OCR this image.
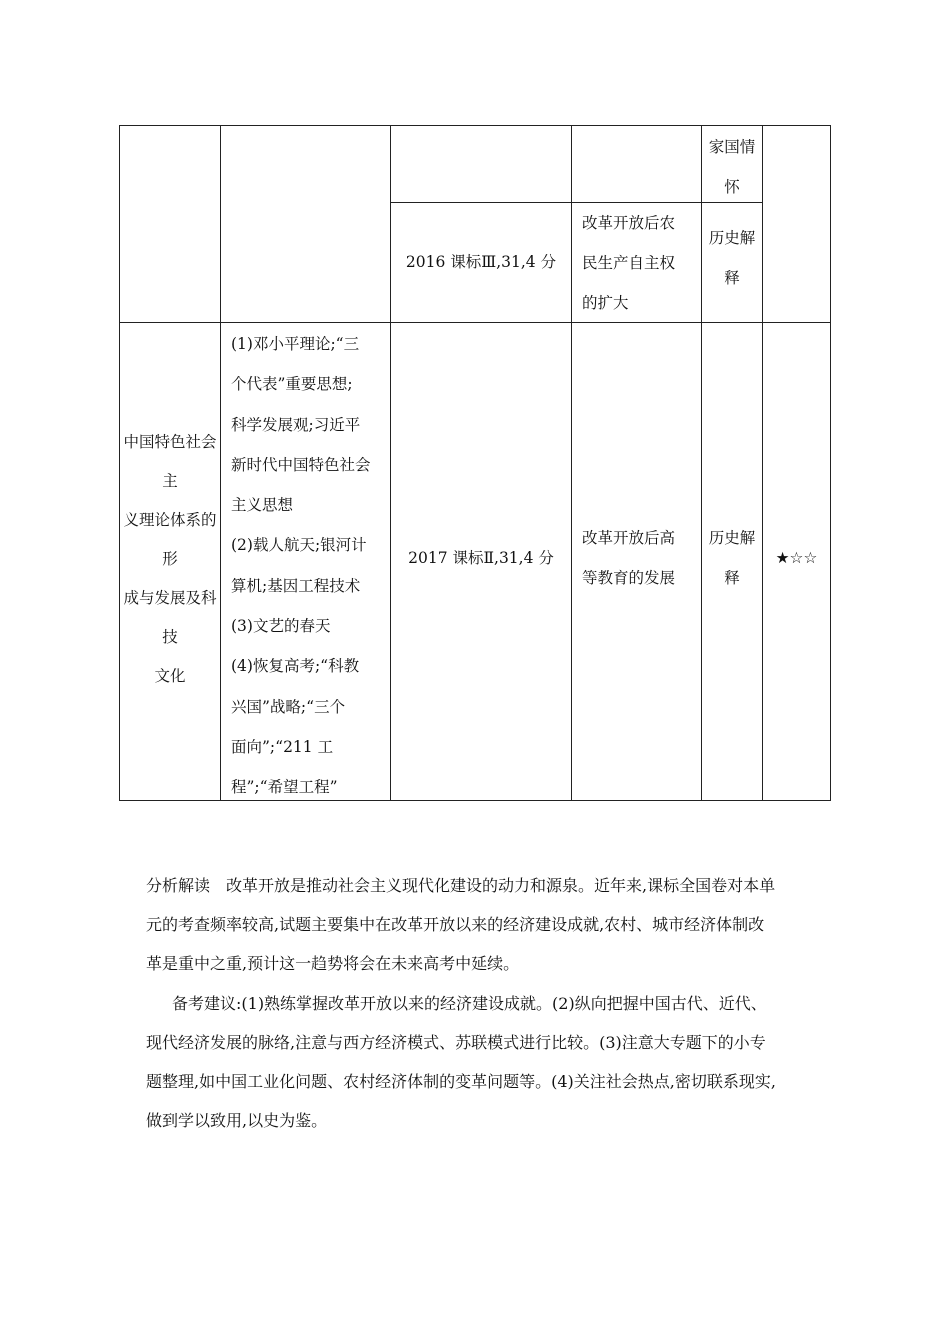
家国情
怀
2016 课标Ⅲ,31,4 分
改革开放后农
民生产自主权
的扩大
历史解
释
中国特色社会
主
义理论体系的
形
成与发展及科
技
文化
(1)邓小平理论;“三
个代表”重要思想;
科学发展观;习近平
新时代中国特色社会
主义思想
(2)载人航天;银河计
算机;基因工程技术
(3)文艺的春天
(4)恢复高考;“科教
兴国”战略;“三个
面向”;“211 工
程”;“希望工程”
2017 课标Ⅱ,31,4 分
改革开放后高
等教育的发展
历史解
释
★☆☆
分析解读 改革开放是推动社会主义现代化建设的动力和源泉。近年来,课标全国卷对本单
元的考查频率较高,试题主要集中在改革开放以来的经济建设成就,农村、城市经济体制改
革是重中之重,预计这一趋势将会在未来高考中延续。
备考建议:(1)熟练掌握改革开放以来的经济建设成就。(2)纵向把握中国古代、近代、
现代经济发展的脉络,注意与西方经济模式、苏联模式进行比较。(3)注意大专题下的小专
题整理,如中国工业化问题、农村经济体制的变革问题等。(4)关注社会热点,密切联系现实,
做到学以致用,以史为鉴。
